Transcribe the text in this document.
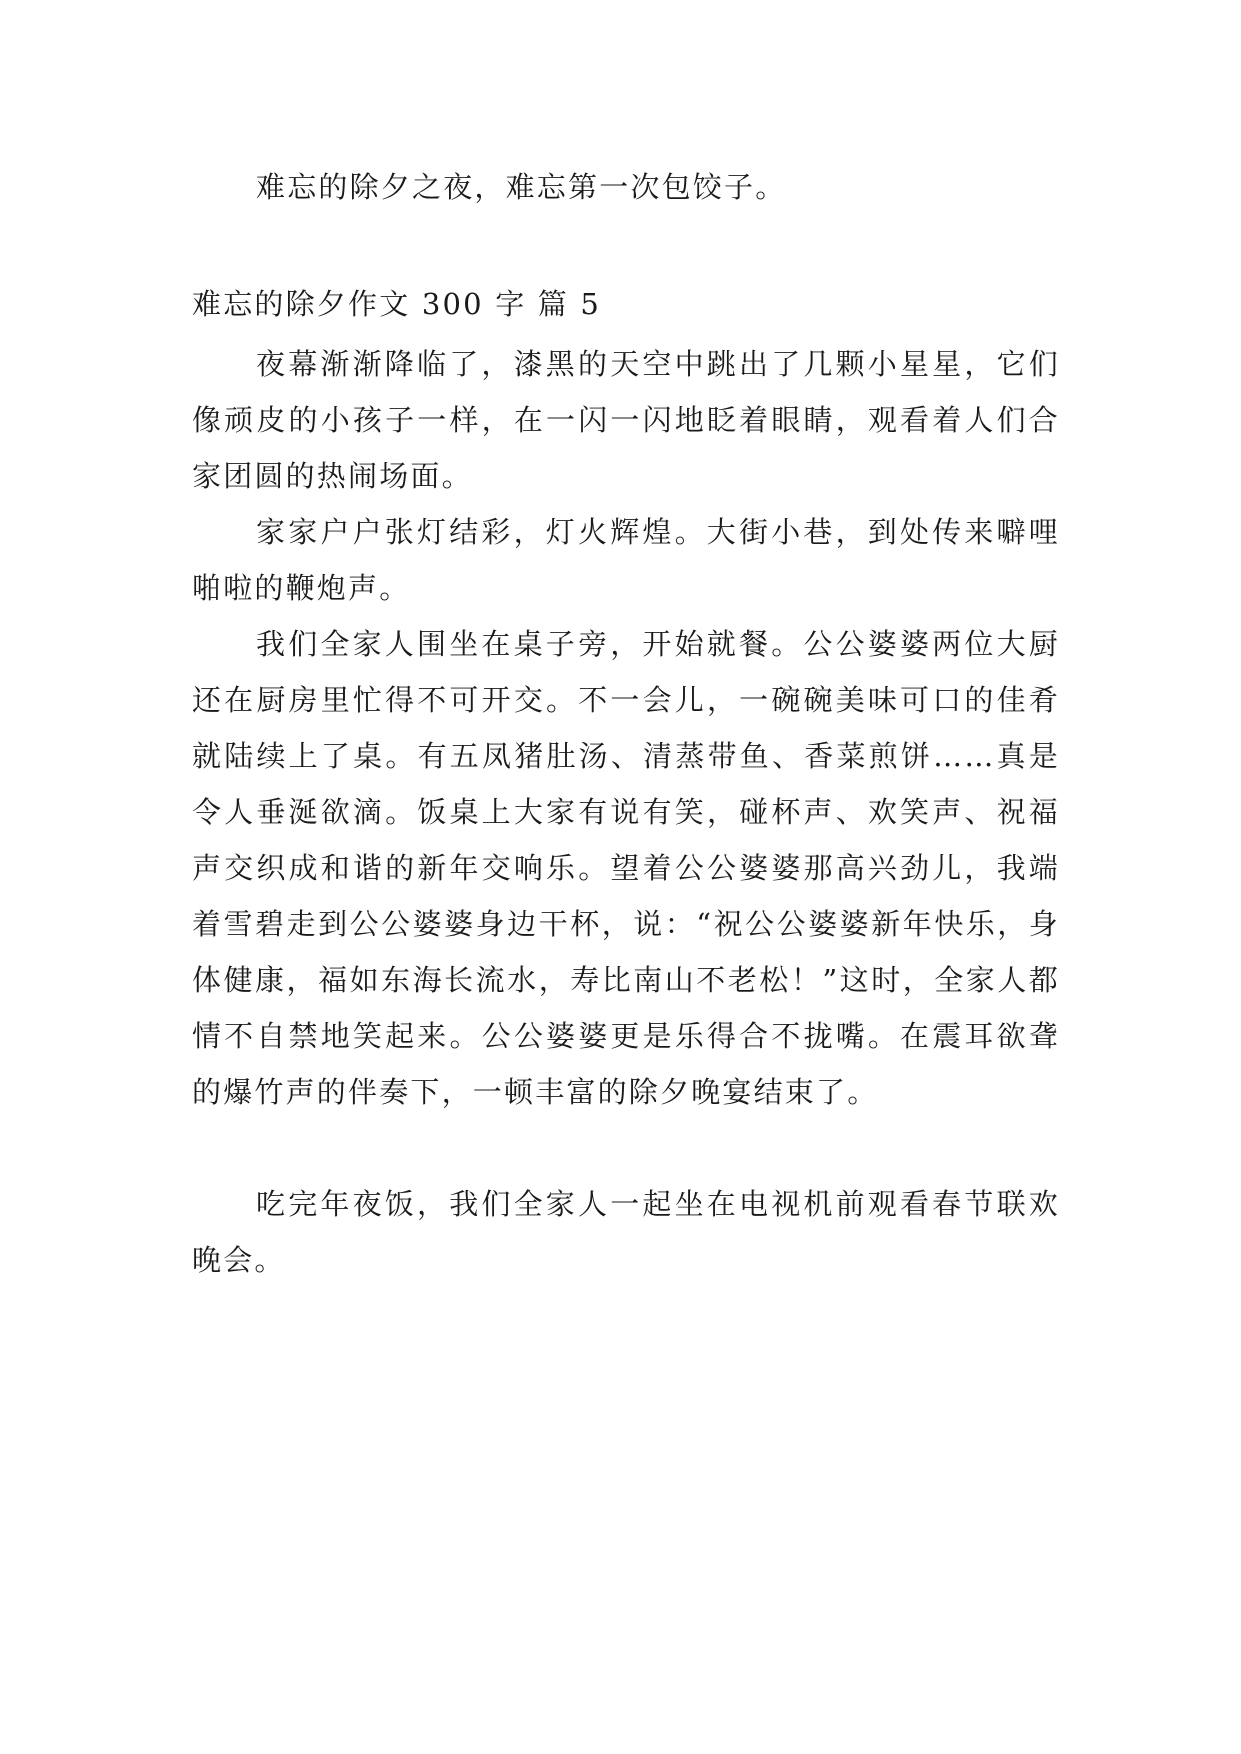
难忘的除夕之夜，难忘第一次包饺子。

难忘的除夕作文 300 字 篇 5

夜幕渐渐降临了，漆黑的天空中跳出了几颗小星星，它们像顽皮的小孩子一样，在一闪一闪地眨着眼睛，观看着人们合家团圆的热闹场面。

家家户户张灯结彩，灯火辉煌。大街小巷，到处传来噼哩啪啦的鞭炮声。

我们全家人围坐在桌子旁，开始就餐。公公婆婆两位大厨还在厨房里忙得不可开交。不一会儿，一碗碗美味可口的佳肴就陆续上了桌。有五凤猪肚汤、清蒸带鱼、香菜煎饼……真是令人垂涎欲滴。饭桌上大家有说有笑，碰杯声、欢笑声、祝福声交织成和谐的新年交响乐。望着公公婆婆那高兴劲儿，我端着雪碧走到公公婆婆身边干杯，说：“祝公公婆婆新年快乐，身体健康，福如东海长流水，寿比南山不老松！”这时，全家人都情不自禁地笑起来。公公婆婆更是乐得合不拢嘴。在震耳欲聋的爆竹声的伴奏下，一顿丰富的除夕晚宴结束了。

吃完年夜饭，我们全家人一起坐在电视机前观看春节联欢晚会。
